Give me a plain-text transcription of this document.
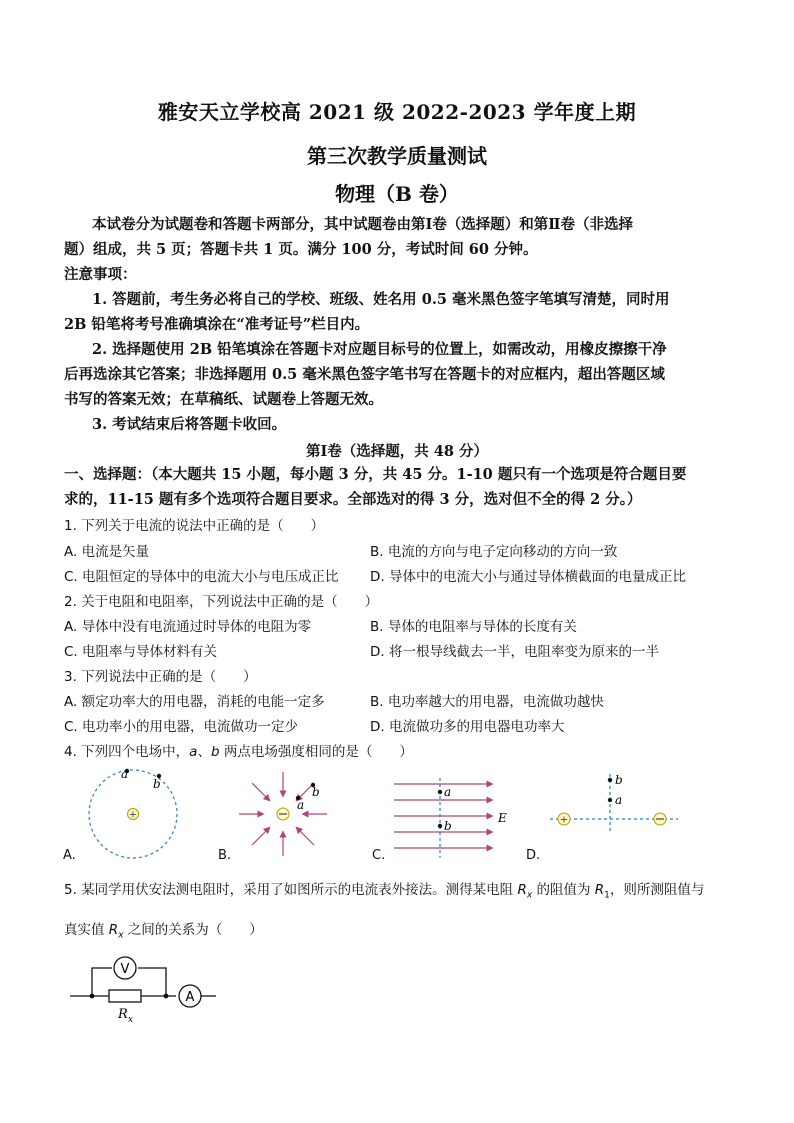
雅安天立学校高 2021 级 2022-2023 学年度上期
第三次教学质量测试
物理（B 卷）
本试卷分为试题卷和答题卡两部分，其中试题卷由第Ⅰ卷（选择题）和第Ⅱ卷（非选择
题）组成，共 5 页；答题卡共 1 页。满分 100 分，考试时间 60 分钟。
注意事项：
1. 答题前，考生务必将自己的学校、班级、姓名用 0.5 毫米黑色签字笔填写清楚，同时用
2B 铅笔将考号准确填涂在“准考证号”栏目内。
2. 选择题使用 2B 铅笔填涂在答题卡对应题目标号的位置上，如需改动，用橡皮擦擦干净
后再选涂其它答案；非选择题用 0.5 毫米黑色签字笔书写在答题卡的对应框内，超出答题区域
书写的答案无效；在草稿纸、试题卷上答题无效。
3. 考试结束后将答题卡收回。
第Ⅰ卷（选择题，共 48 分）
一、选择题：（本大题共 15 小题，每小题 3 分，共 45 分。1-10 题只有一个选项是符合题目要
求的，11-15 题有多个选项符合题目要求。全部选对的得 3 分，选对但不全的得 2 分。）
1. 下列关于电流的说法中正确的是（　　）
A. 电流是矢量	B. 电流的方向与电子定向移动的方向一致
C. 电阻恒定的导体中的电流大小与电压成正比 D. 导体中的电流大小与通过导体横截面的电量成正比
2. 关于电阻和电阻率，下列说法中正确的是（　　）
A. 导体中没有电流通过时导体的电阻为零	B. 导体的电阻率与导体的长度有关
C. 电阻率与导体材料有关	D. 将一根导线截去一半，电阻率变为原来的一半
3. 下列说法中正确的是（　　）
A. 额定功率大的用电器，消耗的电能一定多	B. 电功率越大的用电器，电流做功越快
C. 电功率小的用电器，电流做功一定少	D. 电流做功多的用电器电功率大
4. 下列四个电场中，a、b 两点电场强度相同的是（　　）
+
a
b
A.
a
b
B.
a
b
E
C.
+
b
a
D.
5. 某同学用伏安法测电阻时，采用了如图所示的电流表外接法。测得某电阻 $R_x$ 的阻值为 $R_1$，则所测阻值与
真实值 $R_x$ 之间的关系为（　　）
V
A
R x
